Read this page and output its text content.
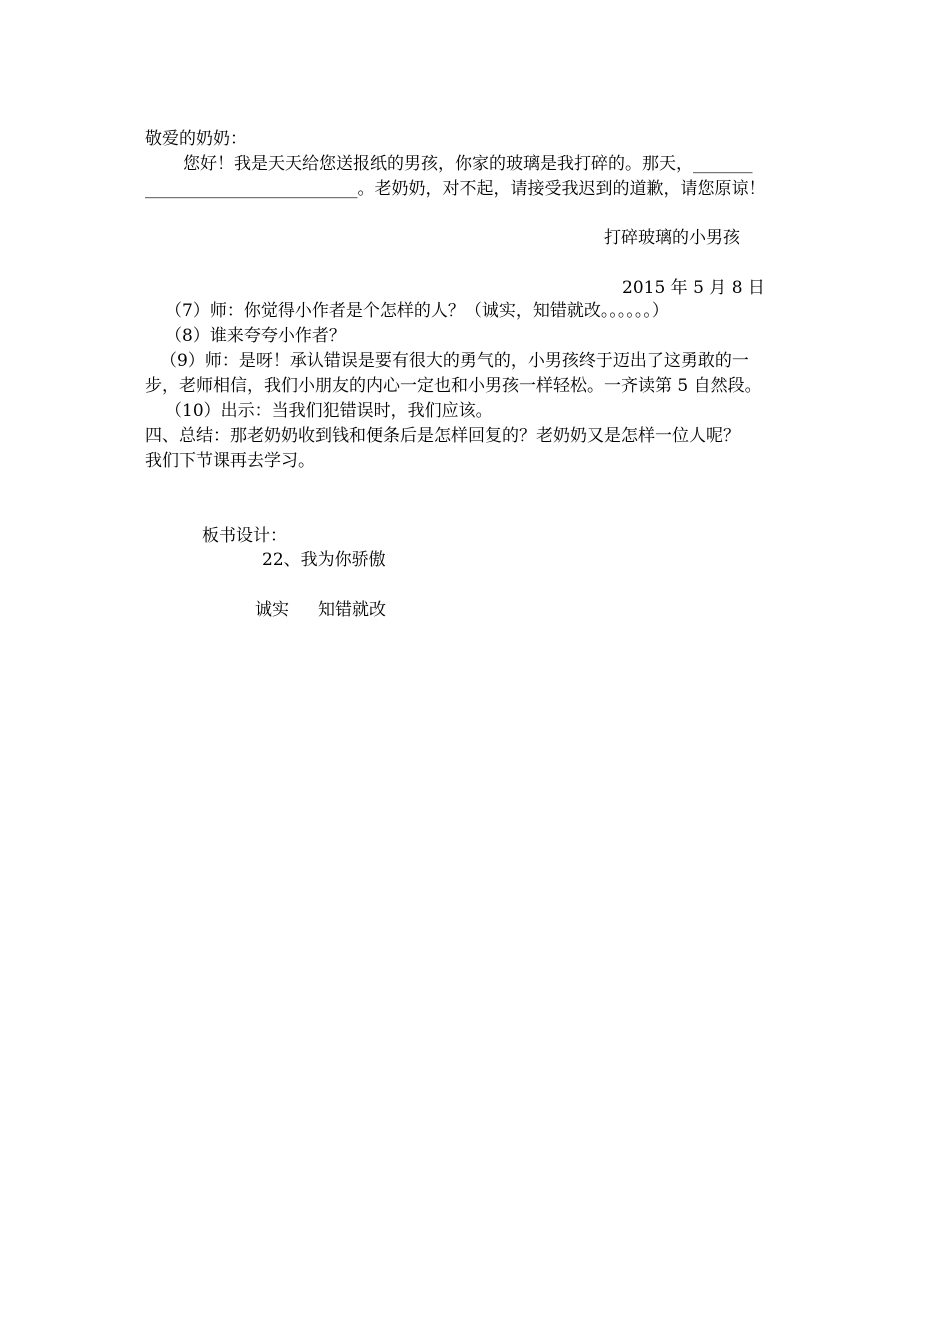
敬爱的奶奶：
您好！我是天天给您送报纸的男孩，你家的玻璃是我打碎的。那天，_______
_________________________。老奶奶，对不起，请接受我迟到的道歉，请您原谅！
打碎玻璃的小男孩
2015 年 5 月 8 日
（7）师：你觉得小作者是个怎样的人？（诚实，知错就改。。。。。。）
（8）谁来夸夸小作者？
（9）师：是呀！承认错误是要有很大的勇气的，小男孩终于迈出了这勇敢的一
步，老师相信，我们小朋友的内心一定也和小男孩一样轻松。一齐读第 5 自然段。
（10）出示：当我们犯错误时，我们应该。
四、总结：那老奶奶收到钱和便条后是怎样回复的？老奶奶又是怎样一位人呢？
我们下节课再去学习。
板书设计：
22、我为你骄傲
诚实 知错就改
